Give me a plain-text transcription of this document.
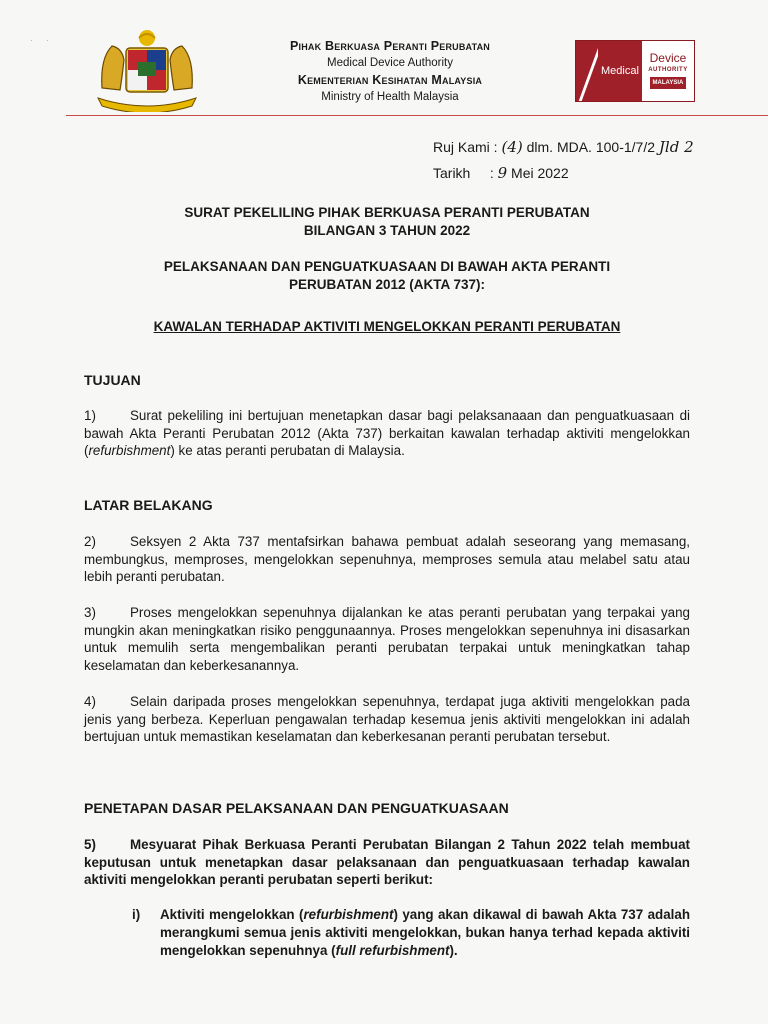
·      ·	Pihak Berkuasa Peranti Perubatan
Medical Device Authority
Kementerian Kesihatan Malaysia
Ministry of Health Malaysia
Medical
Device
AUTHORITY
MALAYSIA
Ruj Kami : (4) dlm. MDA. 100-1/7/2 Jld 2
Tarikh : 9 Mei 2022
SURAT PEKELILING PIHAK BERKUASA PERANTI PERUBATAN
BILANGAN 3 TAHUN 2022
PELAKSANAAN DAN PENGUATKUASAAN DI BAWAH AKTA PERANTI
PERUBATAN 2012 (AKTA 737):
KAWALAN TERHADAP AKTIVITI MENGELOKKAN PERANTI PERUBATAN
TUJUAN
1)	Surat pekeliling ini bertujuan menetapkan dasar bagi pelaksanaaan dan penguatkuasaan di bawah Akta Peranti Perubatan 2012 (Akta 737) berkaitan kawalan terhadap aktiviti mengelokkan (refurbishment) ke atas peranti perubatan di Malaysia.
LATAR BELAKANG
2)	Seksyen 2 Akta 737 mentafsirkan bahawa pembuat adalah seseorang yang memasang, membungkus, memproses, mengelokkan sepenuhnya, memproses semula atau melabel satu atau lebih peranti perubatan.
3)	Proses mengelokkan sepenuhnya dijalankan ke atas peranti perubatan yang terpakai yang mungkin akan meningkatkan risiko penggunaannya. Proses mengelokkan sepenuhnya ini disasarkan untuk memulih serta mengembalikan peranti perubatan terpakai untuk meningkatkan tahap keselamatan dan keberkesanannya.
4)	Selain daripada proses mengelokkan sepenuhnya, terdapat juga aktiviti mengelokkan pada jenis yang berbeza. Keperluan pengawalan terhadap kesemua jenis aktiviti mengelokkan ini adalah bertujuan untuk memastikan keselamatan dan keberkesanan peranti perubatan tersebut.
PENETAPAN DASAR PELAKSANAAN DAN PENGUATKUASAAN
5)	Mesyuarat Pihak Berkuasa Peranti Perubatan Bilangan 2 Tahun 2022 telah membuat keputusan untuk menetapkan dasar pelaksanaan dan penguatkuasaan terhadap kawalan aktiviti mengelokkan peranti perubatan seperti berikut:
i)	Aktiviti mengelokkan (refurbishment) yang akan dikawal di bawah Akta 737 adalah merangkumi semua jenis aktiviti mengelokkan, bukan hanya terhad kepada aktiviti mengelokkan sepenuhnya (full refurbishment).
